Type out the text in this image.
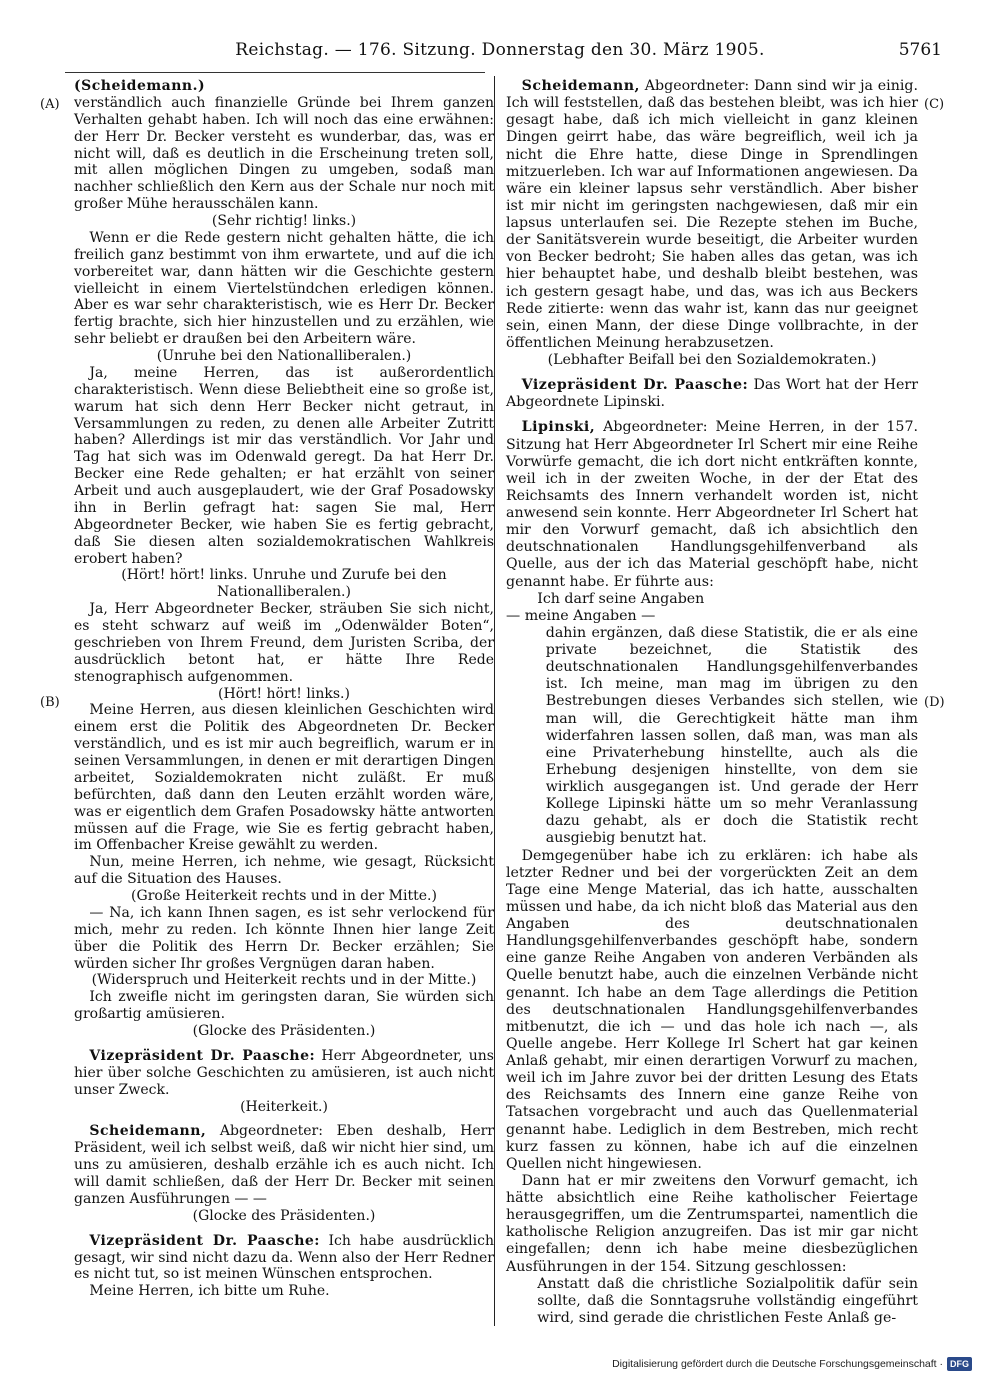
Reichstag. — 176. Sitzung. Donnerstag den 30. März 1905.	5761
(A)
(B)
(C)
(D)

(Scheidemann.)

verständlich auch finanzielle Gründe bei Ihrem ganzen Verhalten gehabt haben. Ich will noch das eine erwähnen: der Herr Dr. Becker versteht es wunderbar, das, was er nicht will, daß es deutlich in die Erscheinung treten soll, mit allen möglichen Dingen zu umgeben, sodaß man nachher schließlich den Kern aus der Schale nur noch mit großer Mühe herausschälen kann.

(Sehr richtig! links.)

Wenn er die Rede gestern nicht gehalten hätte, die ich freilich ganz bestimmt von ihm erwartete, und auf die ich vorbereitet war, dann hätten wir die Geschichte gestern vielleicht in einem Viertelstündchen erledigen können. Aber es war sehr charakteristisch, wie es Herr Dr. Becker fertig brachte, sich hier hinzustellen und zu erzählen, wie sehr beliebt er draußen bei den Arbeitern wäre.

(Unruhe bei den Nationalliberalen.)

Ja, meine Herren, das ist außerordentlich charakteristisch. Wenn diese Beliebtheit eine so große ist, warum hat sich denn Herr Becker nicht getraut, in Versammlungen zu reden, zu denen alle Arbeiter Zutritt haben? Allerdings ist mir das verständlich. Vor Jahr und Tag hat sich was im Odenwald geregt. Da hat Herr Dr. Becker eine Rede gehalten; er hat erzählt von seiner Arbeit und auch ausgeplaudert, wie der Graf Posadowsky ihn in Berlin gefragt hat: sagen Sie mal, Herr Abgeordneter Becker, wie haben Sie es fertig gebracht, daß Sie diesen alten sozialdemokratischen Wahlkreis erobert haben?

(Hört! hört! links. Unruhe und Zurufe bei den Nationalliberalen.)

Ja, Herr Abgeordneter Becker, sträuben Sie sich nicht, es steht schwarz auf weiß im „Odenwälder Boten“, geschrieben von Ihrem Freund, dem Juristen Scriba, der ausdrücklich betont hat, er hätte Ihre Rede stenographisch aufgenommen.

(Hört! hört! links.)

Meine Herren, aus diesen kleinlichen Geschichten wird einem erst die Politik des Abgeordneten Dr. Becker verständlich, und es ist mir auch begreiflich, warum er in seinen Versammlungen, in denen er mit derartigen Dingen arbeitet, Sozialdemokraten nicht zuläßt. Er muß befürchten, daß dann den Leuten erzählt worden wäre, was er eigentlich dem Grafen Posadowsky hätte antworten müssen auf die Frage, wie Sie es fertig gebracht haben, im Offenbacher Kreise gewählt zu werden.

Nun, meine Herren, ich nehme, wie gesagt, Rücksicht auf die Situation des Hauses.

(Große Heiterkeit rechts und in der Mitte.)

— Na, ich kann Ihnen sagen, es ist sehr verlockend für mich, mehr zu reden. Ich könnte Ihnen hier lange Zeit über die Politik des Herrn Dr. Becker erzählen; Sie würden sicher Ihr großes Vergnügen daran haben.

(Widerspruch und Heiterkeit rechts und in der Mitte.)

Ich zweifle nicht im geringsten daran, Sie würden sich großartig amüsieren.

(Glocke des Präsidenten.)

Vizepräsident Dr. Paasche: Herr Abgeordneter, uns hier über solche Geschichten zu amüsieren, ist auch nicht unser Zweck.

(Heiterkeit.)

Scheidemann, Abgeordneter: Eben deshalb, Herr Präsident, weil ich selbst weiß, daß wir nicht hier sind, um uns zu amüsieren, deshalb erzähle ich es auch nicht. Ich will damit schließen, daß der Herr Dr. Becker mit seinen ganzen Ausführungen — —

(Glocke des Präsidenten.)

Vizepräsident Dr. Paasche: Ich habe ausdrücklich gesagt, wir sind nicht dazu da. Wenn also der Herr Redner es nicht tut, so ist meinen Wünschen entsprochen.

Meine Herren, ich bitte um Ruhe.

Scheidemann, Abgeordneter: Dann sind wir ja einig. Ich will feststellen, daß das bestehen bleibt, was ich hier gesagt habe, daß ich mich vielleicht in ganz kleinen Dingen geirrt habe, das wäre begreiflich, weil ich ja nicht die Ehre hatte, diese Dinge in Sprendlingen mitzuerleben. Ich war auf Informationen angewiesen. Da wäre ein kleiner lapsus sehr verständlich. Aber bisher ist mir nicht im geringsten nachgewiesen, daß mir ein lapsus unterlaufen sei. Die Rezepte stehen im Buche, der Sanitätsverein wurde beseitigt, die Arbeiter wurden von Becker bedroht; Sie haben alles das getan, was ich hier behauptet habe, und deshalb bleibt bestehen, was ich gestern gesagt habe, und das, was ich aus Beckers Rede zitierte: wenn das wahr ist, kann das nur geeignet sein, einen Mann, der diese Dinge vollbrachte, in der öffentlichen Meinung herabzusetzen.

(Lebhafter Beifall bei den Sozialdemokraten.)

Vizepräsident Dr. Paasche: Das Wort hat der Herr Abgeordnete Lipinski.

Lipinski, Abgeordneter: Meine Herren, in der 157. Sitzung hat Herr Abgeordneter Irl Schert mir eine Reihe Vorwürfe gemacht, die ich dort nicht entkräften konnte, weil ich in der zweiten Woche, in der der Etat des Reichsamts des Innern verhandelt worden ist, nicht anwesend sein konnte. Herr Abgeordneter Irl Schert hat mir den Vorwurf gemacht, daß ich absichtlich den deutschnationalen Handlungsgehilfenverband als Quelle, aus der ich das Material geschöpft habe, nicht genannt habe. Er führte aus:

Ich darf seine Angaben

— meine Angaben —

dahin ergänzen, daß diese Statistik, die er als eine private bezeichnet, die Statistik des deutschnationalen Handlungsgehilfenverbandes ist. Ich meine, man mag im übrigen zu den Bestrebungen dieses Verbandes sich stellen, wie man will, die Gerechtigkeit hätte man ihm widerfahren lassen sollen, daß man, was man als eine Privaterhebung hinstellte, auch als die Erhebung desjenigen hinstellte, von dem sie wirklich ausgegangen ist. Und gerade der Herr Kollege Lipinski hätte um so mehr Veranlassung dazu gehabt, als er doch die Statistik recht ausgiebig benutzt hat.

Demgegenüber habe ich zu erklären: ich habe als letzter Redner und bei der vorgerückten Zeit an dem Tage eine Menge Material, das ich hatte, ausschalten müssen und habe, da ich nicht bloß das Material aus den Angaben des deutschnationalen Handlungsgehilfenverbandes geschöpft habe, sondern eine ganze Reihe Angaben von anderen Verbänden als Quelle benutzt habe, auch die einzelnen Verbände nicht genannt. Ich habe an dem Tage allerdings die Petition des deutschnationalen Handlungsgehilfenverbandes mitbenutzt, die ich — und das hole ich nach —, als Quelle angebe. Herr Kollege Irl Schert hat gar keinen Anlaß gehabt, mir einen derartigen Vorwurf zu machen, weil ich im Jahre zuvor bei der dritten Lesung des Etats des Reichsamts des Innern eine ganze Reihe von Tatsachen vorgebracht und auch das Quellenmaterial genannt habe. Lediglich in dem Bestreben, mich recht kurz fassen zu können, habe ich auf die einzelnen Quellen nicht hingewiesen.

Dann hat er mir zweitens den Vorwurf gemacht, ich hätte absichtlich eine Reihe katholischer Feiertage herausgegriffen, um die Zentrumspartei, namentlich die katholische Religion anzugreifen. Das ist mir gar nicht eingefallen; denn ich habe meine diesbezüglichen Ausführungen in der 154. Sitzung geschlossen:

Anstatt daß die christliche Sozialpolitik dafür sein sollte, daß die Sonntagsruhe vollständig eingeführt wird, sind gerade die christlichen Feste Anlaß ge-

Digitalisierung gefördert durch die Deutsche Forschungsgemeinschaft · DFG
